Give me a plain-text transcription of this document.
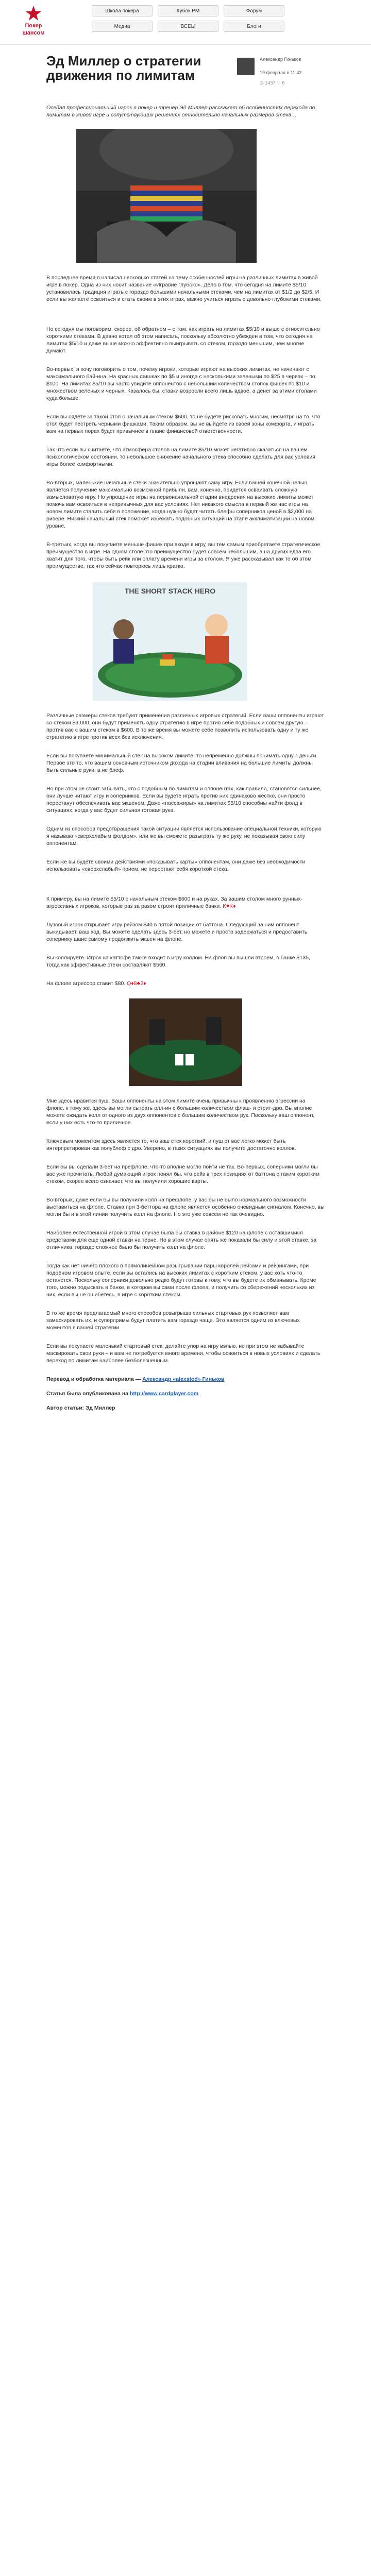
Покер
шансом
Школа покера	Кубок PM	Форум
Медиа	ВСЕЫ	Блоги
Эд Миллер о стратегии движения по лимитам
Александр Гиньков
19 февраля в 11:42
◷ 1437 ♡ 6

Оседая профессиональный игрок в покер и тренер Эд Миллер расскажет об особенностях перехода по лимитам в живой игре и сопутствующих решениях относительно начальных размеров стека…

В последнее время я написал несколько статей на тему особенностей игры на различных лимитах в живой игре в покер. Одна из них носит название «Игравие глубоко». Дело в том, что сегодня на лимите $5/10 установилась традиция играть с гораздо большими начальными стеками, чем на лимитах от $1/2 до $2/5. И если вы желаете освоиться и стать своим в этих играх, важно учиться играть с довольно глубокими стеками.

Но сегодня мы поговорим, скорее, об обратном – о том, как играть на лимитах $5/10 и выше с относительно короткими стеками. В давно котел об этом написать, поскольку абсолютно убежден в том, что сегодня на лимитах $5/10 и даже выше можно эффективно выигрывать со стеком, гораздо меньшим, чем многие думают.

Во-первых, я хочу поговорить о том, почему игроки, которые играют на высоких лимитах, не начинают с максимального бай-ина. На красных фишках по $5 и иногда с несколькими зелеными по $25 в червах – по $100. На лимитах $5/10 вы часто увидите оппонентов с небольшим количеством стопок фишек по $10 и множеством зеленых и черных. Казалось бы, ставки возросли всего лишь вдвое, а денег за этими столами куда больше.

Если вы сядете за такой стол с начальным стеком $600, то не будете рисковать многим, несмотря на то, что стол будет пестреть черными фишками. Таким образом, вы не выйдете из своей зоны комфорта, и играть вам на первых порах будет привычнее в плане финансовой ответственности.

Так что если вы считаете, что атмосфера столов на лимите $5/10 может негативно сказаться на вашем психологическом состоянии, то небольшое снижение начального стека способно сделать для вас условия игры более комфортными.

Во-вторых, маленькие начальные стеки значительно упрощают саму игру. Если вашей конечной целью является получение максимально возможной прибыли, вам, конечно, придется осваивать сложную замысловатую игру. Но упрощение игры на первоначальной стадии внедрения на высокие лимиты может помочь вам освоиться в непривычных для вас условиях. Нет никакого смысла в первый же час игры на новом лимите ставить себя в положение, когда нужно будет читать блефы соперников ценой в $2,000 на ривере. Низкий начальный стек поможет избежать подобных ситуаций на этапе акклиматизации на новом уровне.

В-третьих, когда вы покупаете меньше фишек при входе в игру, вы тем самым приобретаете стратегическое преимущество в игре. На одном столе это преимущество будет совсем небольшим, а на других едва его хватит для того, чтобы быть рейк или оплату времени игры за столом. Я уже рассказывал как то об этом преимуществе, так что сейчас повторюсь лишь кратко.

THE SHORT STACK HERO

Различные размеры стеков требуют применения различных игровых стратегий. Если ваши оппоненты играют со стеком $3,000, они будут применять одну стратегию в игре против себе подобных и совсем другую – против вас с вашим стеком в $600. В то же время вы можете себе позволить использовать одну и ту же стратегию в игре против всех без исключения.

Если вы покупаете минимальный стек на высоком лимите, то непременно должны понимать одну з деньги. Первое это то, что вашим основным источником дохода на стадии вливания на большие лимиты должны быть сильные руки, а не блеф.

Но при этом не стоит забывать, что с подобным по лимитам и оппонентах, как правило, становятся сильнее, они лучше читают игру и соперников. Если вы будете играть против них одинаково жестко, они просто перестанут обеспечивать вас экшеном. Даже «пассажиры» на лимитах $5/10 способны найти фолд в ситуациях, когда у вас будет сильная готовая рука.

Одним из способов предотвращения такой ситуации является использование специальной техники, которую я называю «сверхслабым фолдом», или же вы сможете разыграть ту же руку, не показывая свою силу оппонентам.

Если же вы будете своими действиями «показывать карты» оппонентам, они даже без необходимости использовать «сверхслабый» прием, не перестают себя короткой стека.

К примеру, вы на лимите $5/10 с начальным стеком $600 и на руках. За вашим столом много рунных-агрессивных игроков, которые раз за разом строят приличные банки. K♥K♦

Лузовый игрок открывает игру рейзом $40 в пятой позиции от баттона. Следующий за ним оппонент выкидывает, ваш ход. Вы можете сделать здесь 3-бет, но можете и просто задержаться и предоставить сопернику шанс самому продолжить экшен на флопе.

Вы коллируете. Игрок на каттофе также входит в игру коллом. На флоп вы вышли втроем, в банке $135, тогда как эффективные стеки составляют $560.

На флопе агрессор ставит $80. Q♦8♣2♦

Мне здесь нравится пуш. Ваши оппоненты на этом лимите очень привычны к проявлению агрессии на флопе, к тому же, здесь вы могли сыграть олл-ин с большим количеством флэш- и стрит-дро. Вы вполне можете ожидать колл от одного из двух оппонентов с большим количеством рук. Поскольку ваш оппонент, если у них есть что-то приличное.

Ключевым моментом здесь является то, что ваш стек короткий, и пуш от вас легко может быть интерпретирован как полублеф с дро. Уверено, в таких ситуациях вы получите достаточно коллов.

Если бы вы сделали 3-бет на префлопе, что-то вполне могло пойти не так. Во-первых, соперники могли бы вас уже прочитать. Любой думающий игрок понял бы, что рейз в трех позициях от баттона с таким коротким стеком, скорее всего означает, что вы получили хорошие карты.

Во-вторых, даже если бы вы получили колл на префлопе, у вас бы не было нормального возможности выставиться на флопе. Ставка при 3-беттора на флопе является особенно очевидным сигналом. Конечно, вы могли бы и в этой линии получить колл на флопе. Но это уже совсем не так очевидно.

Наиболее естественной игрой в этом случае была бы ставка в районе $120 на флопе с оставшимися средствами для еще одной ставки на терне. Но в этом случае опять же показали бы силу и этой ставке, за отличника, гораздо сложнее было бы получить колл на флопе.

Тогда как нет ничего плохого в прямолинейном разыгрывании пары королей рейзами и рейзингами, при подобном игровом опыте, если вы остались на высоких лимитах с коротким стеком, у вас хоть что-то останется. Поскольку соперники довольно редко будут готовы к тому, что вы будете их обманывать. Кроме того, можно подыскать в банке, в котором вы сами после флопа, и получить со сбережений нескольких из них, если вы не ошибетесь, в игре с коротким стеком.

В то же время предлагаемый много способов розыгрыша сильных стартовых рук позволяет вам замаскировать их, и суперпримы будут платить вам гораздо чаще. Это является одним из ключевых моментов в вашей стратегии.

Если вы покупаете маленький стартовый стек, делайте упор на игру вэлью, но при этом не забывайте маскировать свои руки – и вам не потребуется много времени, чтобы освоиться в новых условиях и сделать переход по лимитам наиболее безболезненным.

Перевод и обработка материала — Александр «alexstod» Гиньков

Статья была опубликована на http://www.cardplayer.com

Автор статьи: Эд Миллер
